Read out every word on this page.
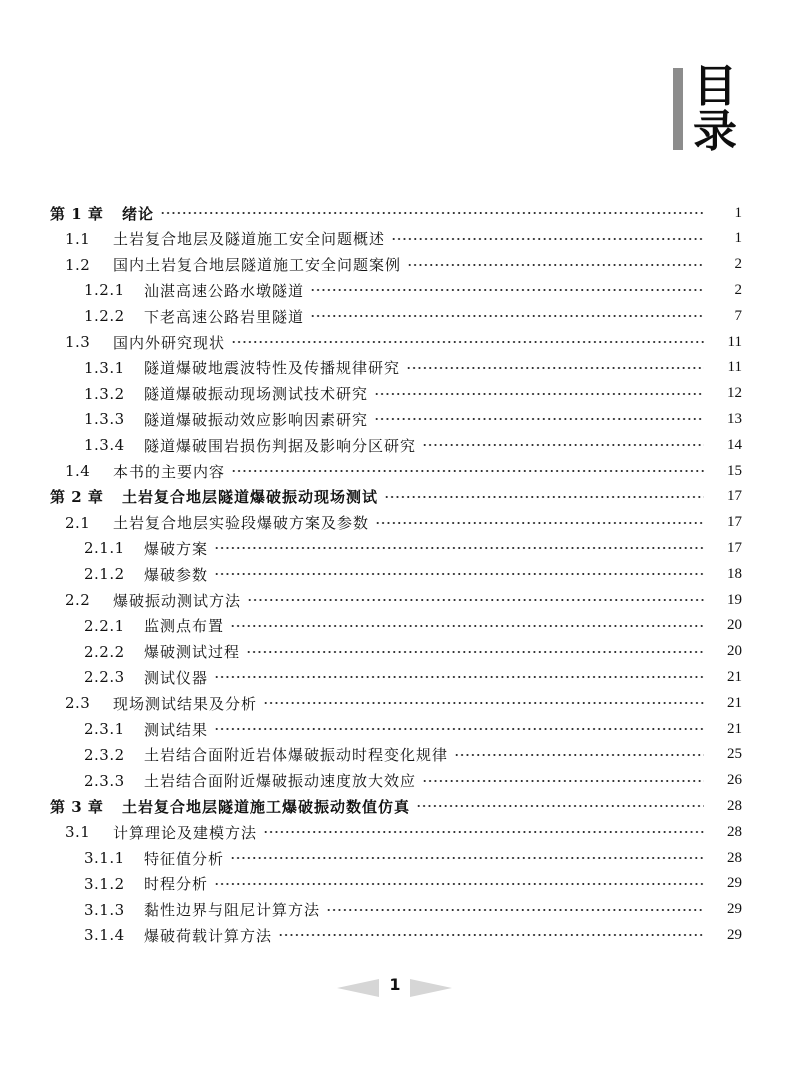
目
录
第 1 章	绪论	1
1.1	土岩复合地层及隧道施工安全问题概述	1
1.2	国内土岩复合地层隧道施工安全问题案例	2
1.2.1	汕湛高速公路水墩隧道	2
1.2.2	下老高速公路岩里隧道	7
1.3	国内外研究现状	11
1.3.1	隧道爆破地震波特性及传播规律研究	11
1.3.2	隧道爆破振动现场测试技术研究	12
1.3.3	隧道爆破振动效应影响因素研究	13
1.3.4	隧道爆破围岩损伤判据及影响分区研究	14
1.4	本书的主要内容	15
第 2 章	土岩复合地层隧道爆破振动现场测试	17
2.1	土岩复合地层实验段爆破方案及参数	17
2.1.1	爆破方案	17
2.1.2	爆破参数	18
2.2	爆破振动测试方法	19
2.2.1	监测点布置	20
2.2.2	爆破测试过程	20
2.2.3	测试仪器	21
2.3	现场测试结果及分析	21
2.3.1	测试结果	21
2.3.2	土岩结合面附近岩体爆破振动时程变化规律	25
2.3.3	土岩结合面附近爆破振动速度放大效应	26
第 3 章	土岩复合地层隧道施工爆破振动数值仿真	28
3.1	计算理论及建模方法	28
3.1.1	特征值分析	28
3.1.2	时程分析	29
3.1.3	黏性边界与阻尼计算方法	29
3.1.4	爆破荷载计算方法	29
1
